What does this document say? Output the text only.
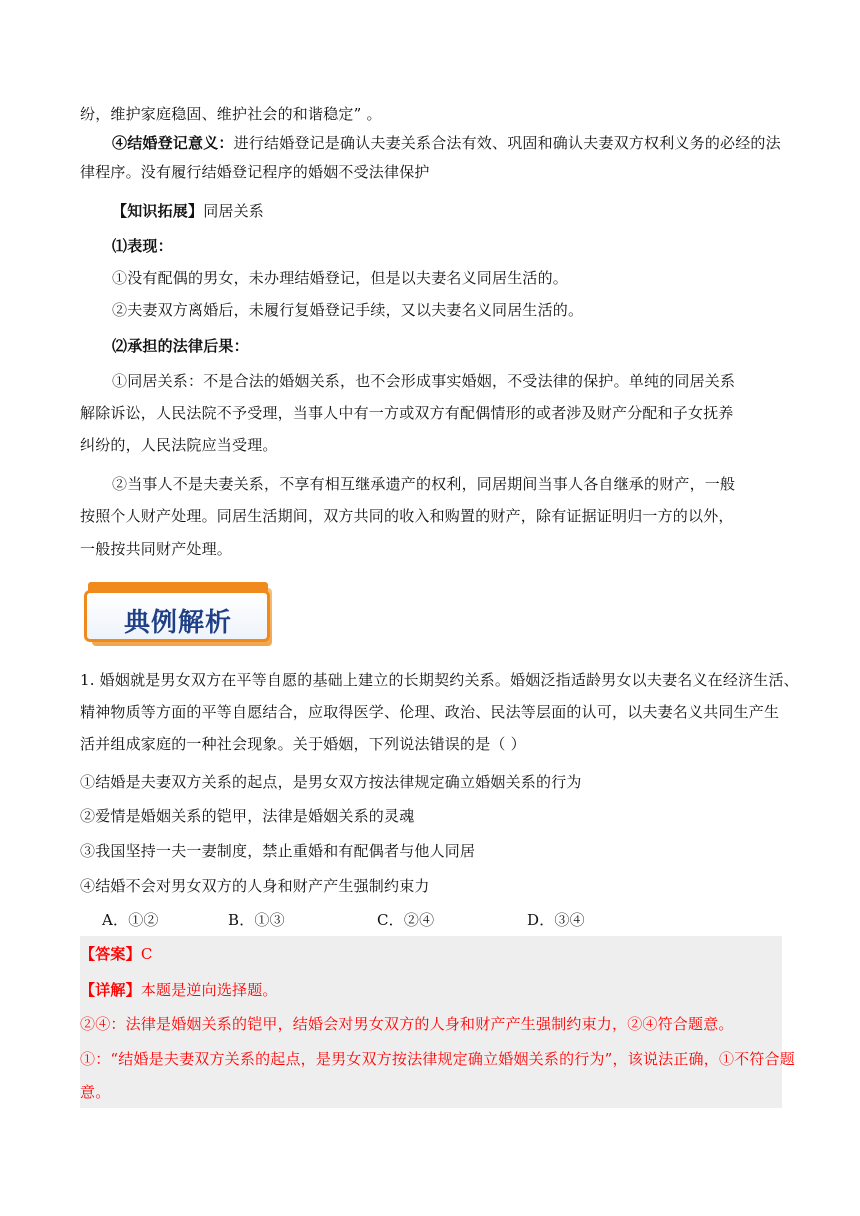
纷，维护家庭稳固、维护社会的和谐稳定” 。
④结婚登记意义：进行结婚登记是确认夫妻关系合法有效、巩固和确认夫妻双方权利义务的必经的法
律程序。没有履行结婚登记程序的婚姻不受法律保护
【知识拓展】同居关系
⑴表现：
①没有配偶的男女，未办理结婚登记，但是以夫妻名义同居生活的。
②夫妻双方离婚后，未履行复婚登记手续，又以夫妻名义同居生活的。
⑵承担的法律后果：
①同居关系：不是合法的婚姻关系，也不会形成事实婚姻，不受法律的保护。单纯的同居关系
解除诉讼，人民法院不予受理，当事人中有一方或双方有配偶情形的或者涉及财产分配和子女抚养
纠纷的，人民法院应当受理。
②当事人不是夫妻关系，不享有相互继承遗产的权利，同居期间当事人各自继承的财产，一般
按照个人财产处理。同居生活期间，双方共同的收入和购置的财产，除有证据证明归一方的以外，
一般按共同财产处理。
典例解析
1. 婚姻就是男女双方在平等自愿的基础上建立的长期契约关系。婚姻泛指适龄男女以夫妻名义在经济生活、
精神物质等方面的平等自愿结合，应取得医学、伦理、政治、民法等层面的认可，以夫妻名义共同生产生
活并组成家庭的一种社会现象。关于婚姻，下列说法错误的是（ ）
①结婚是夫妻双方关系的起点，是男女双方按法律规定确立婚姻关系的行为
②爱情是婚姻关系的铠甲，法律是婚姻关系的灵魂
③我国坚持一夫一妻制度，禁止重婚和有配偶者与他人同居
④结婚不会对男女双方的人身和财产产生强制约束力
A．①②	B．①③	C．②④	D．③④
【答案】C
【详解】本题是逆向选择题。
②④：法律是婚姻关系的铠甲，结婚会对男女双方的人身和财产产生强制约束力，②④符合题意。
①：“结婚是夫妻双方关系的起点，是男女双方按法律规定确立婚姻关系的行为”，该说法正确，①不符合题
意。
